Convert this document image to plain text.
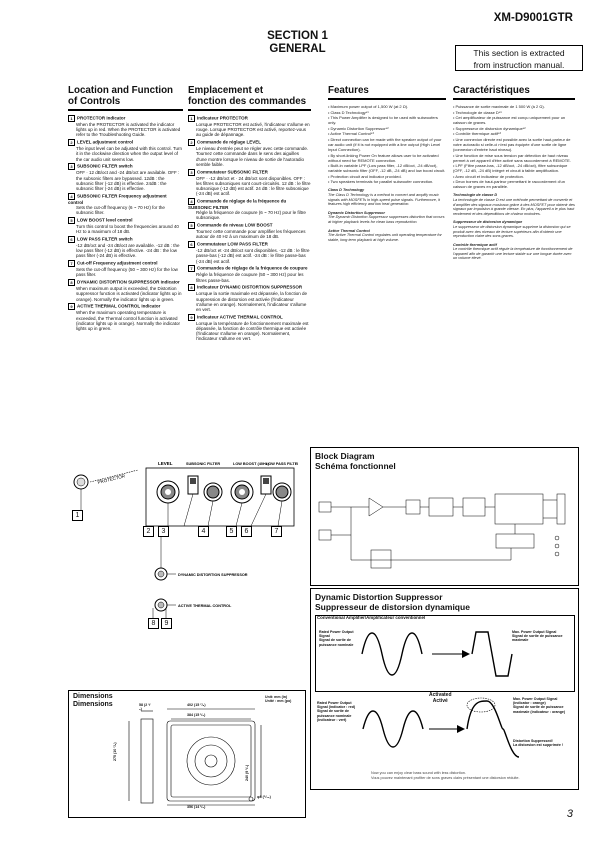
XM-D9001GTR
SECTION 1
GENERAL	This section is extracted
from instruction manual.
Location and Function
of Controls
Emplacement et
fonction des commandes
Features	Caractéristiques
1 PROTECTOR indicator
When the PROTECTOR is activated the indicator lights up in red. When the PROTECTOR is activated refer to the Troubleshooting Guide.
2 LEVEL adjustment control
The input level can be adjusted with this control. Turn it in the clockwise direction when the output level of the car audio unit seems low.
3 SUBSONIC FILTER switch
OFF · 12 dB/oct and -24 dB/oct are available. OFF : the subsonic filters are bypassed. 12dB : the subsonic filter (-12 dB) is effective. 24dB : the subsonic filter (-24 dB) is effective.
4 SUBSONIC FILTER Frequency adjustment control
Sets the cut-off frequency (6 ~ 70 Hz) for the subsonic filter.
5 LOW BOOST level control
Turn this control to boost the frequencies around 40 Hz to a maximum of 18 dB.
6 LOW PASS FILTER switch
-12 dB/oct and -24 dB/oct are available. -12 dB : the low pass filter (-12 dB) is effective. -24 dB : the low pass filter (-24 dB) is effective.
7 Cut-off Frequency adjustment control
Sets the cut-off frequency (50 ~ 300 Hz) for the low pass filter.
8 DYNAMIC DISTORTION SUPPRESSOR indicator
When maximum output is exceeded, the Distortion suppressor function is activated (indicator lights up in orange). Normally the indicator lights up in green.
9 ACTIVE THERMAL CONTROL indicator
When the maximum operating temperature is exceeded, the Thermal control function is activated (indicator lights up in orange). Normally the indicator lights up in green.
1 Indicateur PROTECTOR
Lorsque PROTECTOR est activé, l'indicateur s'allume en rouge. Lorsque PROTECTOR est activé, reportez-vous au guide de dépannage.
2 Commande de réglage LEVEL
Le niveau d'entrée peut se régler avec cette commande. Tournez cette commande dans le sens des aiguilles d'une montre lorsque le niveau de sortie de l'autoradio semble faible.
3 Commutateur SUBSONIC FILTER
OFF · -12 dB/oct et · 24 dB/oct sont disponibles. OFF : les filtres subsoniques sont court-circuités. 12 dB : le filtre subsonique (-12 dB) est actif. 24 dB : le filtre subsonique (-24 dB) est actif.
4 Commande de réglage de la fréquence du SUBSONIC FILTER
Règle la fréquence de coupure (6 ~ 70 Hz) pour le filtre subsonique.
5 Commande de niveau LOW BOOST
Tournez cette commande pour amplifier les fréquences autour de 40 Hz à un maximum de 18 dB.
6 Commutateur LOW PASS FILTER
-12 dB/oct et -24 dB/oct sont disponibles. -12 dB : le filtre passe-bas (-12 dB) est actif. -24 dB : le filtre passe-bas (-24 dB) est actif.
7 Commandes de réglage de la fréquence de coupure
Règle la fréquence de coupure (50 ~ 300 Hz) pour les filtres passe-bas.
8 Indicateur DYNAMIC DISTORTION SUPPRESSOR
Lorsque la sortie maximale est dépassée, la fonction de suppression de distorsion est activée (l'indicateur s'allume en orange). Normalement, l'indicateur s'allume en vert.
9 Indicateur ACTIVE THERMAL CONTROL
Lorsque la température de fonctionnement maximale est dépassée, la fonction de contrôle thermique est activée (l'indicateur s'allume en orange). Normalement, l'indicateur s'allume en vert.
• Maximum power output of 1,500 W (at 2 Ω).
• Class D Technology*¹
• This Power Amplifier is designed to be used with subwoofers only.
• Dynamic Distortion Suppressor*²
• Active Thermal Control*³
• Direct connection can be made with the speaker output of your car audio unit (if it is not equipped with a line output (High Level Input Connection).
• By short-linking Power On feature allows user to be activated without need for REMOTE connection.
• Built-in variable LPF (Low pass filter, -12 dB/oct, -24 dB/oct), variable subsonic filter (OFF, -12 dB, -24 dB) and low boost circuit.
• Protection circuit and indicator provided.
• Two speakers terminals for parallel subwoofer connection.
Class D Technology
The Class D Technology is a method to convert and amplify music signals with MOSFETs in high-speed pulse signals. Furthermore, it features high efficiency and low heat generation.
Dynamic Distortion Suppressor
The Dynamic Distortion Suppressor suppresses distortion that occurs at higher playback levels for clean bass reproduction.
Active Thermal Control
The Active Thermal Control regulates unit operating temperature for stable, long term playback at high volume.
• Puissance de sortie maximale de 1 500 W (à 2 Ω).
• Technologie de classe D*¹
• Cet amplificateur de puissance est conçu uniquement pour un caisson de graves.
• Suppresseur de distorsion dynamique*²
• Contrôle thermique actif*³
• Une connexion directe est possible avec la sortie haut-parleur de votre autoradio si celle-ci n'est pas équipée d'une sortie de ligne (connexion d'entrée haut niveau).
• Une fonction de mise sous tension par détection de haut niveau permet à cet appareil d'être activé sans raccordement à REMOTE.
• LPF (Filtre passe-bas, -12 dB/oct, -24 dB/oct), filtre subsonique (OFF, -12 dB, -24 dB) intégré et circuit à faible amplification.
• Avec circuit et indicateur de protection.
• Deux bornes de haut-parleur permettant le raccordement d'un caisson de graves en parallèle.
Technologie de classe D
La technologie de classe D est une méthode permettant de convertir et d'amplifier des signaux musicaux grâce à des MOSFET pour obtenir des signaux par impulsion à grande vitesse. En plus, l'appareil a le plus haut rendement et des déperditions de chaleur moindres.
Suppresseur de distorsion dynamique
Le suppresseur de distorsion dynamique supprime la distorsion qui se produit avec des niveaux de lecture supérieurs afin d'obtenir une reproduction claire des sons graves.
Contrôle thermique actif
Le contrôle thermique actif régule la température de fonctionnement de l'appareil afin de garantir une lecture stable sur une longue durée avec un volume élevé.
PROTECTOR
LEVEL	SUBSONIC FILTER	LOW BOOST (40Hz)
LOW PASS FILTER
DYNAMIC DISTORTION SUPPRESSOR
ACTIVE THERMAL CONTROL
1
2	3	4	5	6	7
8	9
Block Diagram
Schéma fonctionnel
Dynamic Distortion Suppressor
Suppresseur de distorsion dynamique
Conventional Amplifier/Amplificateur conventionnel
Rated Power Output Signal
Signal de sortie de puissance nominale
Max. Power Output Signal
Signal de sortie de puissance maximale
Rated Power Output Signal (indicator : red)
Signal de sortie de puissance nominale (indicateur : vert)
Activated
Activé	Max. Power Output Signal (indicator : orange)
Signal de sortie de puissance maximale (indicateur : orange)
Distortion Suppressed!
La distorsion est supprimée !
Now you can enjoy clear bass sound with less distortion.
Vous pouvez maintenant profiter de sons graves clairs présentant une distorsion réduite.
Dimensions
Dimensions
Unit: mm (in)
Unité : mm (po)
402 (15 ⁷/₈)
384 (15 ¹/₈)
356 (14 ¹/₈)
58 (2 ³/₈)
275 (10 ⁷/₈)
240 (9 ¹/₂)
φ8 (⁵/₁₆)
3
